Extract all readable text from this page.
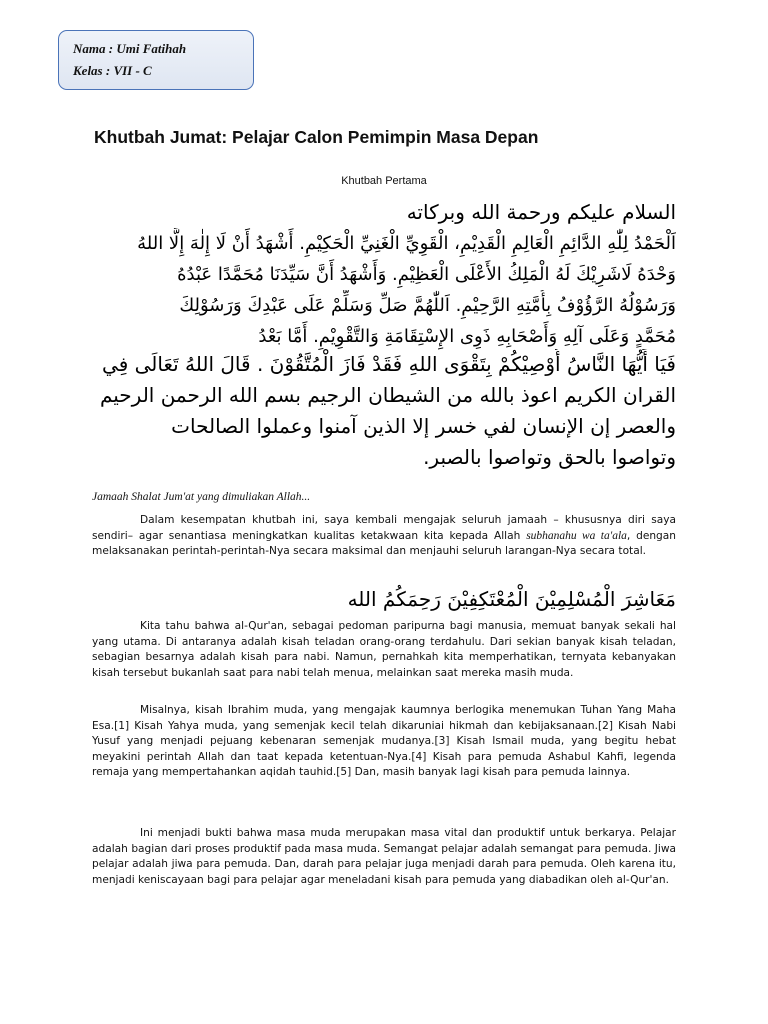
Nama : Umi Fatihah
Kelas : VII - C
Khutbah Jumat: Pelajar Calon Pemimpin Masa Depan
Khutbah Pertama
السلام عليكم ورحمة الله وبركاته
اَلْحَمْدُ لِلّٰهِ الدَّائِمِ الْعَالِمِ الْقَدِيْمِ، الْقَوِيِّ الْغَنِيِّ الْحَكِيْمِ. أَشْهَدُ أَنْ لَا إِلٰهَ إِلَّا اللهُ
وَحْدَهُ لَاشَرِيْكَ لَهُ الْمَلِكُ الأَعْلَى الْعَظِيْمِ. وَأَشْهَدُ أَنَّ سَيِّدَنَا مُحَمَّدًا عَبْدُهُ
وَرَسُوْلُهُ الرَّؤُوْفُ بِأُمَّتِهِ الرَّحِيْمِ. اَللّٰهُمَّ صَلِّ وَسَلِّمْ عَلَى عَبْدِكَ وَرَسُوْلِكَ
مُحَمَّدٍ وَعَلَى آلِهِ وَأَصْحَابِهِ ذَوِى الإِسْتِقَامَةِ وَالتَّقْوِيْمِ. أَمَّا بَعْدُ
فَيَا أَيُّهَا النَّاسُ أُوْصِيْكُمْ بِتَقْوَى اللهِ فَقَدْ فَازَ الْمُتَّقُوْنَ . قَالَ اللهُ تَعَالَى فِي
القران الكريم اعوذ بالله من الشيطان الرجيم بسم الله الرحمن الرحيم
والعصر إن الإنسان لفي خسر إلا الذين آمنوا وعملوا الصالحات
وتواصوا بالحق وتواصوا بالصبر.
Jamaah Shalat Jum'at yang dimuliakan Allah...

Dalam kesempatan khutbah ini, saya kembali mengajak seluruh jamaah – khususnya diri saya sendiri– agar senantiasa meningkatkan kualitas ketakwaan kita kepada Allah subhanahu wa ta'ala, dengan melaksanakan perintah-perintah-Nya secara maksimal dan menjauhi seluruh larangan-Nya secara total.

مَعَاشِرَ الْمُسْلِمِيْنَ الْمُعْتَكِفِيْنَ رَحِمَكُمُ الله

Kita tahu bahwa al-Qur'an, sebagai pedoman paripurna bagi manusia, memuat banyak sekali hal yang utama. Di antaranya adalah kisah teladan orang-orang terdahulu. Dari sekian banyak kisah teladan, sebagian besarnya adalah kisah para nabi. Namun, pernahkah kita memperhatikan, ternyata kebanyakan kisah tersebut bukanlah saat para nabi telah menua, melainkan saat mereka masih muda.

Misalnya, kisah Ibrahim muda, yang mengajak kaumnya berlogika menemukan Tuhan Yang Maha Esa.[1] Kisah Yahya muda, yang semenjak kecil telah dikaruniai hikmah dan kebijaksanaan.[2] Kisah Nabi Yusuf yang menjadi pejuang kebenaran semenjak mudanya.[3] Kisah Ismail muda, yang begitu hebat meyakini perintah Allah dan taat kepada ketentuan-Nya.[4] Kisah para pemuda Ashabul Kahfi, legenda remaja yang mempertahankan aqidah tauhid.[5] Dan, masih banyak lagi kisah para pemuda lainnya.

Ini menjadi bukti bahwa masa muda merupakan masa vital dan produktif untuk berkarya. Pelajar adalah bagian dari proses produktif pada masa muda. Semangat pelajar adalah semangat para pemuda. Jiwa pelajar adalah jiwa para pemuda. Dan, darah para pelajar juga menjadi darah para pemuda. Oleh karena itu, menjadi keniscayaan bagi para pelajar agar meneladani kisah para pemuda yang diabadikan oleh al-Qur'an.
